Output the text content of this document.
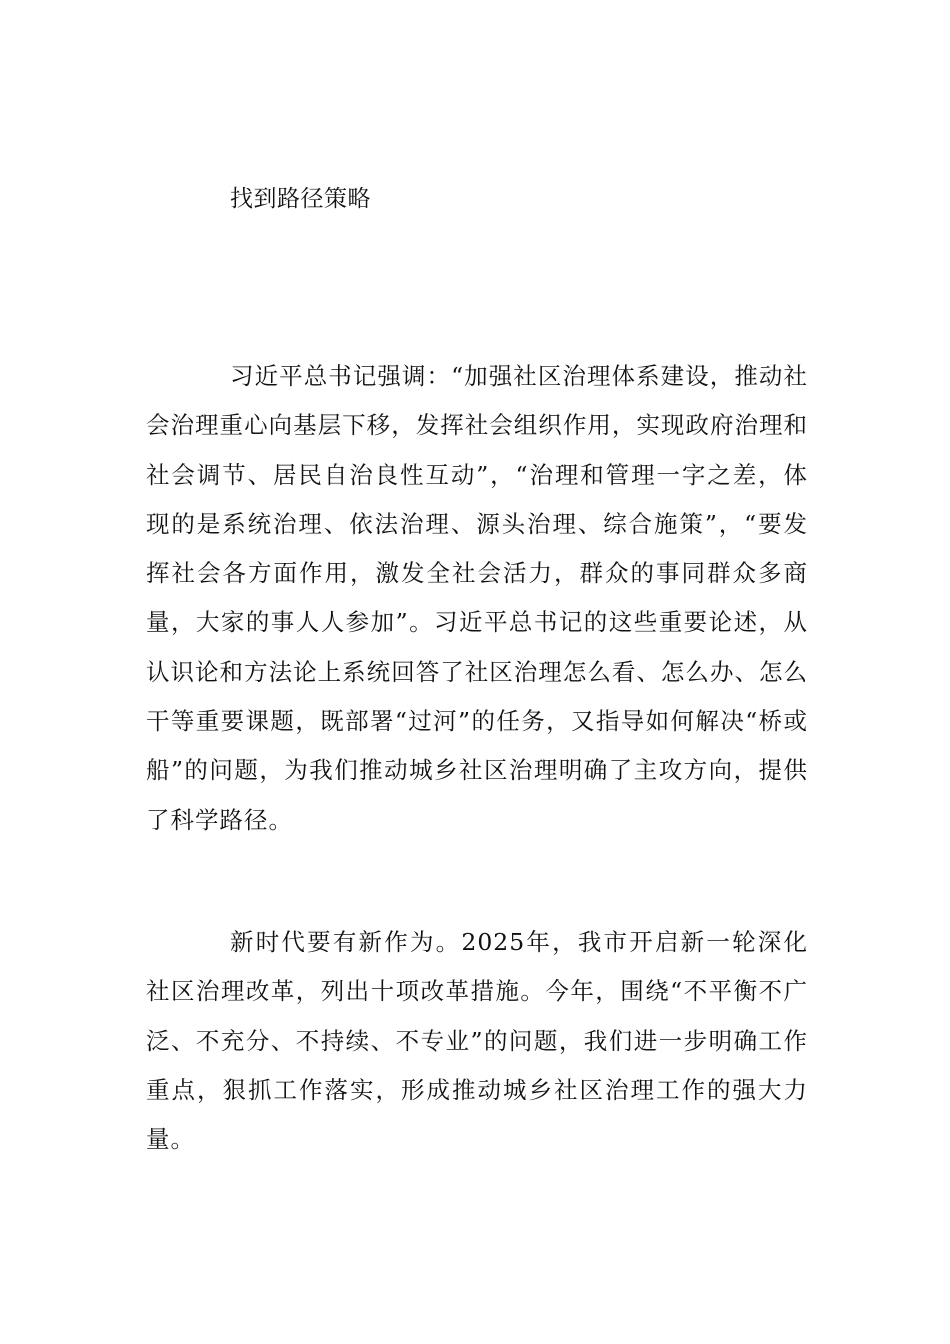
找到路径策略

习近平总书记强调：“加强社区治理体系建设，推动社会治理重心向基层下移，发挥社会组织作用，实现政府治理和社会调节、居民自治良性互动”，“治理和管理一字之差，体现的是系统治理、依法治理、源头治理、综合施策”，“要发挥社会各方面作用，激发全社会活力，群众的事同群众多商量，大家的事人人参加”。习近平总书记的这些重要论述，从认识论和方法论上系统回答了社区治理怎么看、怎么办、怎么干等重要课题，既部署“过河”的任务，又指导如何解决“桥或船”的问题，为我们推动城乡社区治理明确了主攻方向，提供了科学路径。

新时代要有新作为。2025年，我市开启新一轮深化社区治理改革，列出十项改革措施。今年，围绕“不平衡不广泛、不充分、不持续、不专业”的问题，我们进一步明确工作重点，狠抓工作落实，形成推动城乡社区治理工作的强大力量。
